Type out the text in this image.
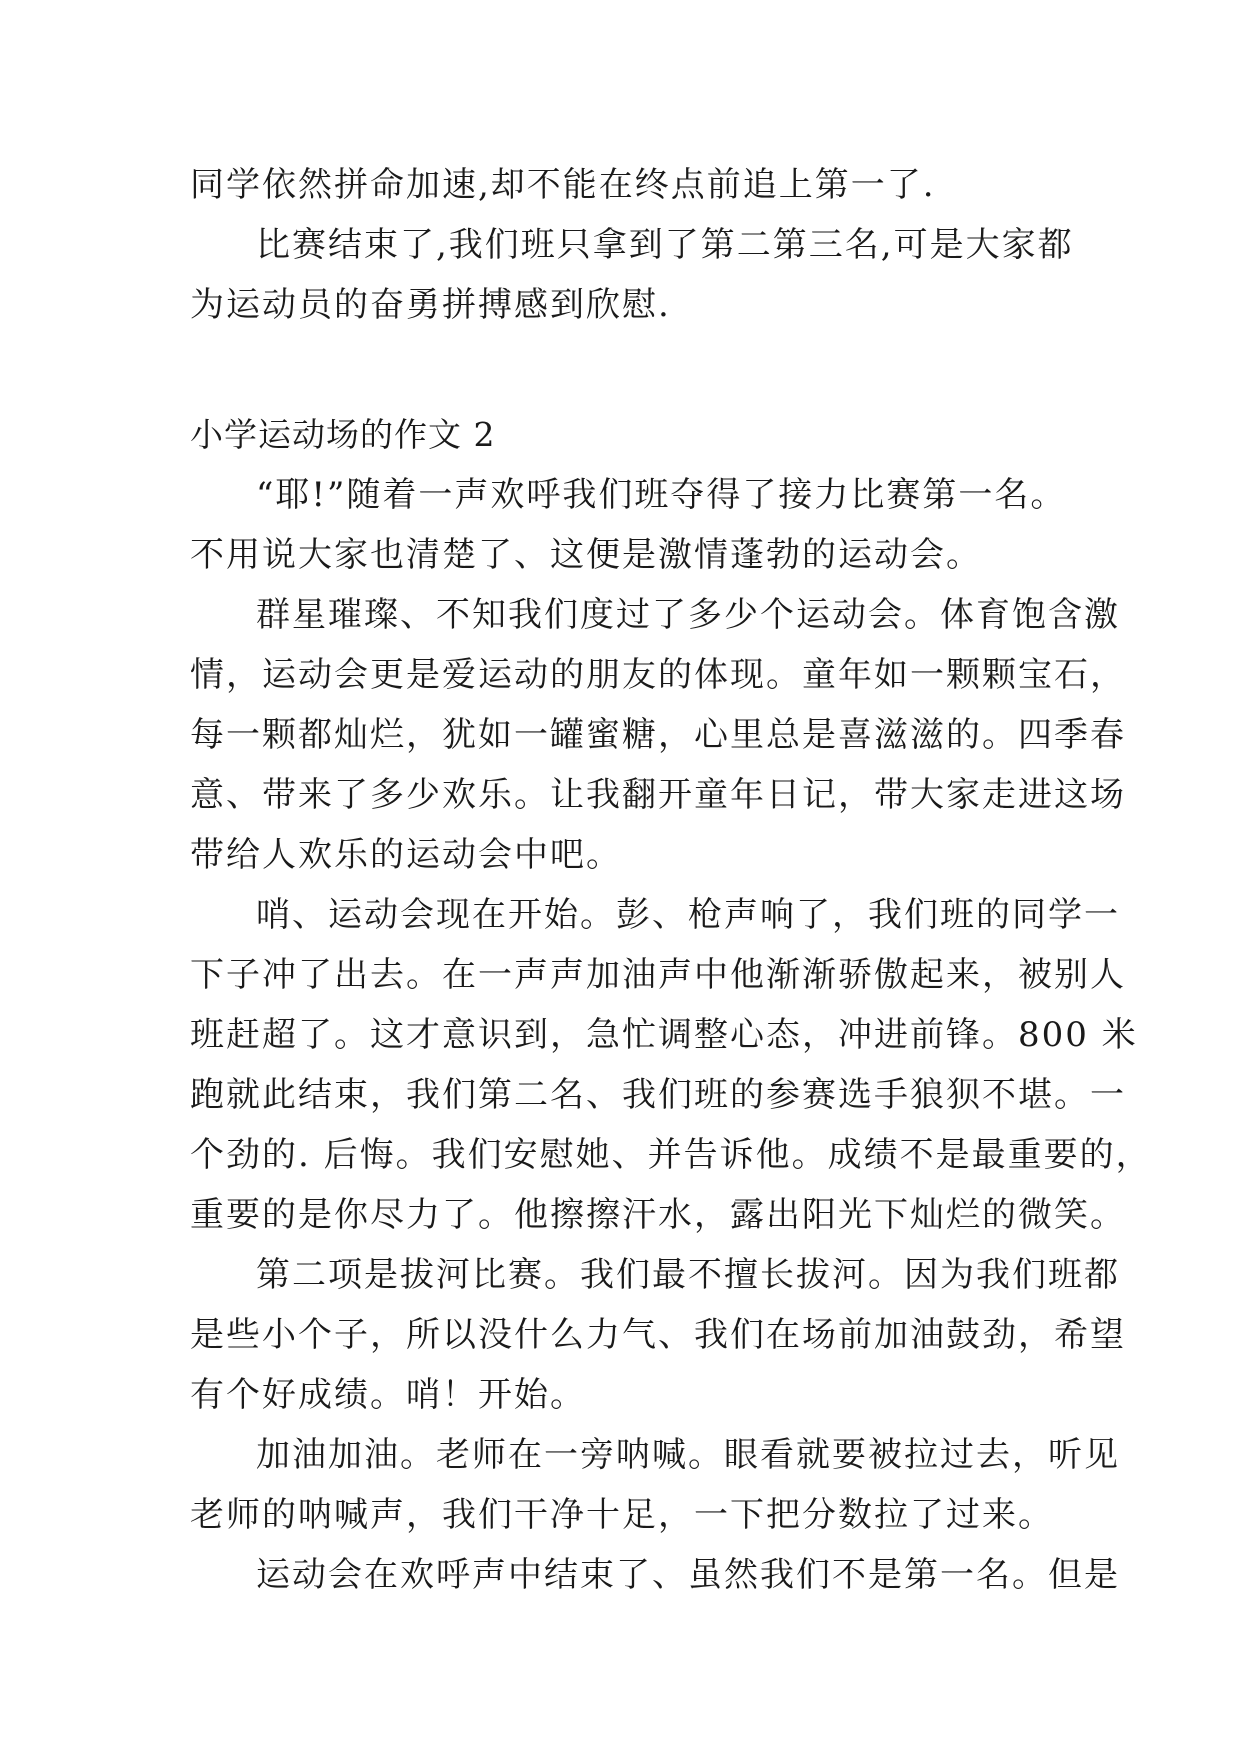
同学依然拼命加速,却不能在终点前追上第一了.

比赛结束了,我们班只拿到了第二第三名,可是大家都

为运动员的奋勇拼搏感到欣慰.

小学运动场的作文 2

“耶!”随着一声欢呼我们班夺得了接力比赛第一名。

不用说大家也清楚了、这便是激情蓬勃的运动会。

群星璀璨、不知我们度过了多少个运动会。体育饱含激

情，运动会更是爱运动的朋友的体现。童年如一颗颗宝石，

每一颗都灿烂，犹如一罐蜜糖，心里总是喜滋滋的。四季春

意、带来了多少欢乐。让我翻开童年日记，带大家走进这场

带给人欢乐的运动会中吧。

哨、运动会现在开始。彭、枪声响了，我们班的同学一

下子冲了出去。在一声声加油声中他渐渐骄傲起来，被别人

班赶超了。这才意识到，急忙调整心态，冲进前锋。800 米

跑就此结束，我们第二名、我们班的参赛选手狼狈不堪。一

个劲的. 后悔。我们安慰她、并告诉他。成绩不是最重要的，

重要的是你尽力了。他擦擦汗水，露出阳光下灿烂的微笑。

第二项是拔河比赛。我们最不擅长拔河。因为我们班都

是些小个子，所以没什么力气、我们在场前加油鼓劲，希望

有个好成绩。哨！开始。

加油加油。老师在一旁呐喊。眼看就要被拉过去，听见

老师的呐喊声，我们干净十足，一下把分数拉了过来。

运动会在欢呼声中结束了、虽然我们不是第一名。但是
